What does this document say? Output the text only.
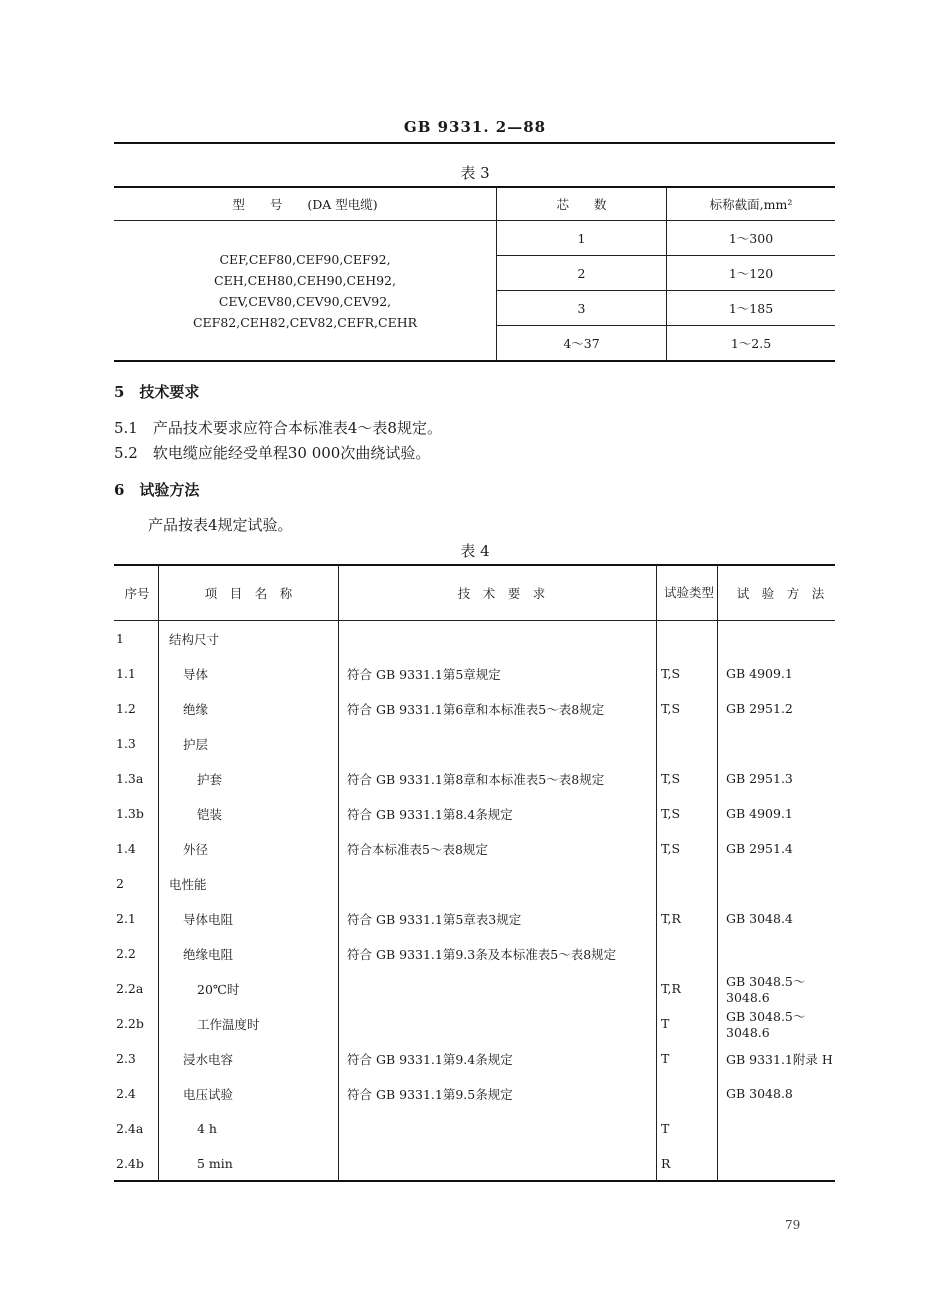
GB 9331. 2—88
表 3
型　　号　　(DA 型电缆)	芯　　数	标称截面,mm²

CEF,CEF80,CEF90,CEF92,
CEH,CEH80,CEH90,CEH92,
CEV,CEV80,CEV90,CEV92,
CEF82,CEH82,CEV82,CEFR,CEHR	1	1～300
	2	1～120
	3	1～185
	4～37	1～2.5
5　技术要求
5.1　产品技术要求应符合本标准表4～表8规定。
5.2　软电缆应能经受单程30 000次曲绕试验。
6　试验方法
产品按表4规定试验。
表 4
序号	项　目　名　称	技　术　要　求	试验类型	试　验　方　法
1	结构尺寸			
1.1	导体	符合 GB 9331.1第5章规定	T,S	GB 4909.1
1.2	绝缘	符合 GB 9331.1第6章和本标准表5～表8规定	T,S	GB 2951.2
1.3	护层			
1.3a	护套	符合 GB 9331.1第8章和本标准表5～表8规定	T,S	GB 2951.3
1.3b	铠装	符合 GB 9331.1第8.4条规定	T,S	GB 4909.1
1.4	外径	符合本标准表5～表8规定	T,S	GB 2951.4
2	电性能			
2.1	导体电阻	符合 GB 9331.1第5章表3规定	T,R	GB 3048.4
2.2	绝缘电阻	符合 GB 9331.1第9.3条及本标准表5～表8规定		
2.2a	20℃时		T,R	GB 3048.5～3048.6
2.2b	工作温度时		T	GB 3048.5～3048.6
2.3	浸水电容	符合 GB 9331.1第9.4条规定	T	GB 9331.1附录 H
2.4	电压试验	符合 GB 9331.1第9.5条规定		GB 3048.8
2.4a	4 h		T	
2.4b	5 min		R	
79
